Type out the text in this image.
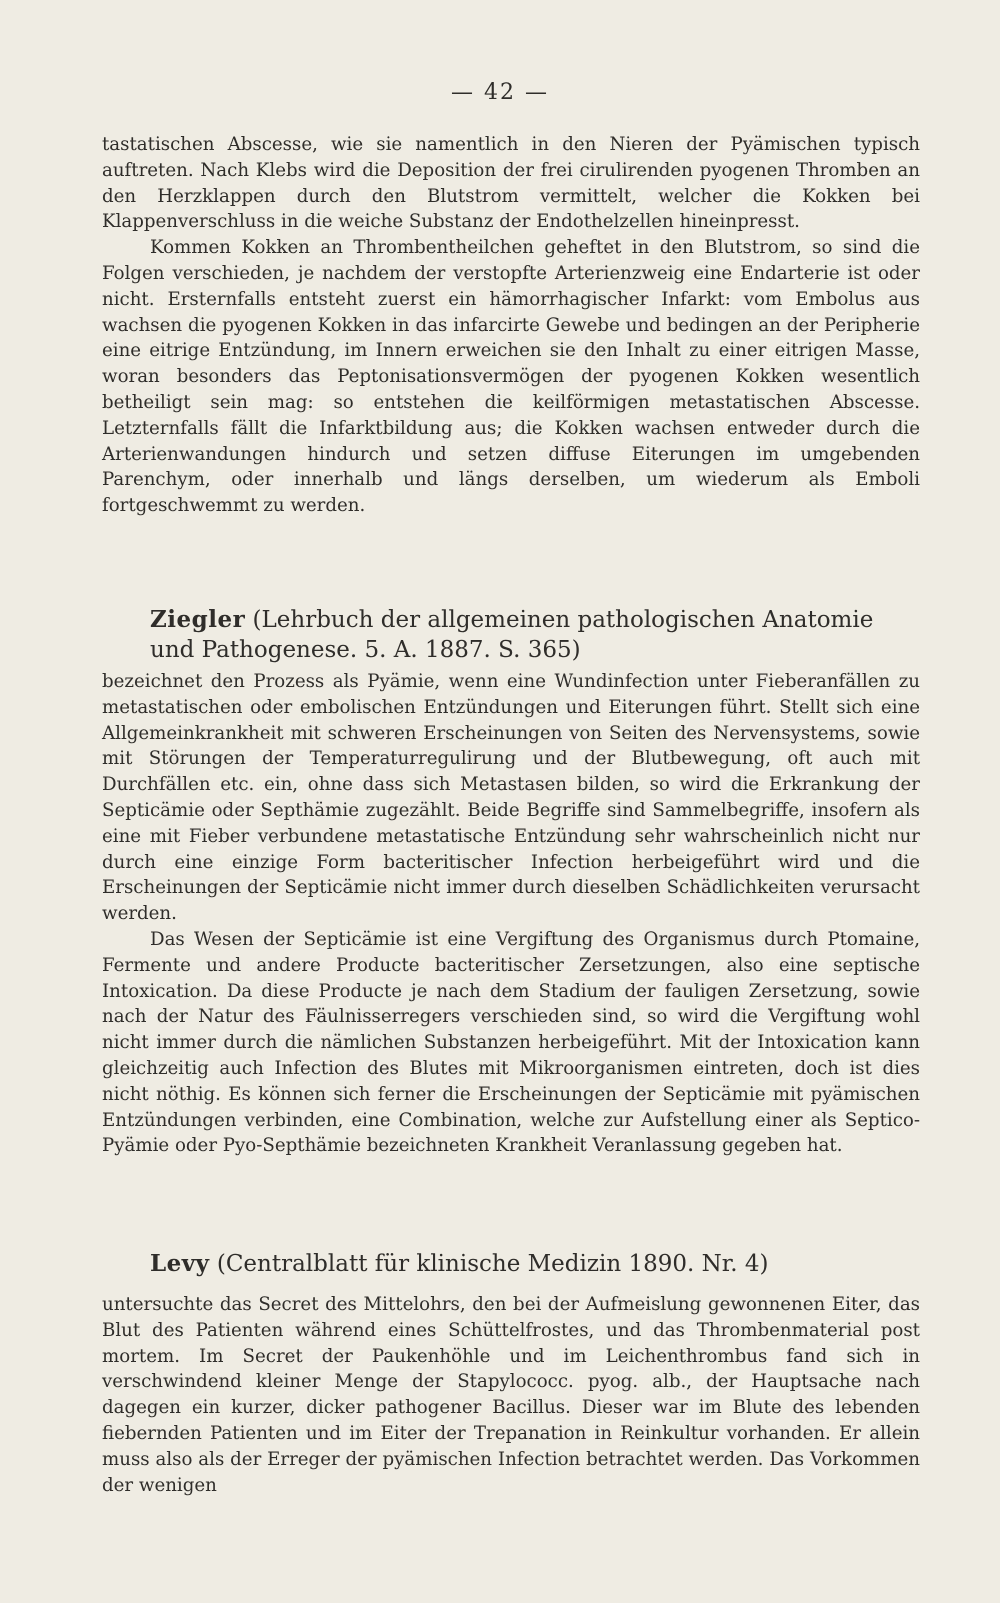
— 42 —

tastatischen Abscesse, wie sie namentlich in den Nieren der Pyämischen typisch auftreten. Nach Klebs wird die Deposition der frei cirulirenden pyogenen Thromben an den Herzklappen durch den Blutstrom vermittelt, welcher die Kokken bei Klappenverschluss in die weiche Substanz der Endothelzellen hineinpresst.

Kommen Kokken an Thrombentheilchen geheftet in den Blutstrom, so sind die Folgen verschieden, je nachdem der verstopfte Arterienzweig eine Endarterie ist oder nicht. Ersternfalls entsteht zuerst ein hämorrhagischer Infarkt: vom Embolus aus wachsen die pyogenen Kokken in das infarcirte Gewebe und bedingen an der Peripherie eine eitrige Entzündung, im Innern erweichen sie den Inhalt zu einer eitrigen Masse, woran besonders das Peptonisationsvermögen der pyogenen Kokken wesentlich betheiligt sein mag: so entstehen die keilförmigen metastatischen Abscesse. Letzternfalls fällt die Infarktbildung aus; die Kokken wachsen entweder durch die Arterienwandungen hindurch und setzen diffuse Eiterungen im umgebenden Parenchym, oder innerhalb und längs derselben, um wiederum als Emboli fortgeschwemmt zu werden.

Ziegler (Lehrbuch der allgemeinen pathologischen Anatomie und Pathogenese. 5. A. 1887. S. 365)

bezeichnet den Prozess als Pyämie, wenn eine Wundinfection unter Fieberanfällen zu metastatischen oder embolischen Entzündungen und Eiterungen führt. Stellt sich eine Allgemeinkrankheit mit schweren Erscheinungen von Seiten des Nervensystems, sowie mit Störungen der Temperaturregulirung und der Blutbewegung, oft auch mit Durchfällen etc. ein, ohne dass sich Metastasen bilden, so wird die Erkrankung der Septicämie oder Septhämie zugezählt. Beide Begriffe sind Sammelbegriffe, insofern als eine mit Fieber verbundene metastatische Entzündung sehr wahrscheinlich nicht nur durch eine einzige Form bacteritischer Infection herbeigeführt wird und die Erscheinungen der Septicämie nicht immer durch dieselben Schädlichkeiten verursacht werden.

Das Wesen der Septicämie ist eine Vergiftung des Organismus durch Ptomaine, Fermente und andere Producte bacteritischer Zersetzungen, also eine septische Intoxication. Da diese Producte je nach dem Stadium der fauligen Zersetzung, sowie nach der Natur des Fäulnisserregers verschieden sind, so wird die Vergiftung wohl nicht immer durch die nämlichen Substanzen herbeigeführt. Mit der Intoxication kann gleichzeitig auch Infection des Blutes mit Mikroorganismen eintreten, doch ist dies nicht nöthig. Es können sich ferner die Erscheinungen der Septicämie mit pyämischen Entzündungen verbinden, eine Combination, welche zur Aufstellung einer als Septico-Pyämie oder Pyo-Septhämie bezeichneten Krankheit Veranlassung gegeben hat.

Levy (Centralblatt für klinische Medizin 1890. Nr. 4)

untersuchte das Secret des Mittelohrs, den bei der Aufmeislung gewonnenen Eiter, das Blut des Patienten während eines Schüttelfrostes, und das Thrombenmaterial post mortem. Im Secret der Paukenhöhle und im Leichenthrombus fand sich in verschwindend kleiner Menge der Stapylococc. pyog. alb., der Hauptsache nach dagegen ein kurzer, dicker pathogener Bacillus. Dieser war im Blute des lebenden fiebernden Patienten und im Eiter der Trepanation in Reinkultur vorhanden. Er allein muss also als der Erreger der pyämischen Infection betrachtet werden. Das Vorkommen der wenigen
